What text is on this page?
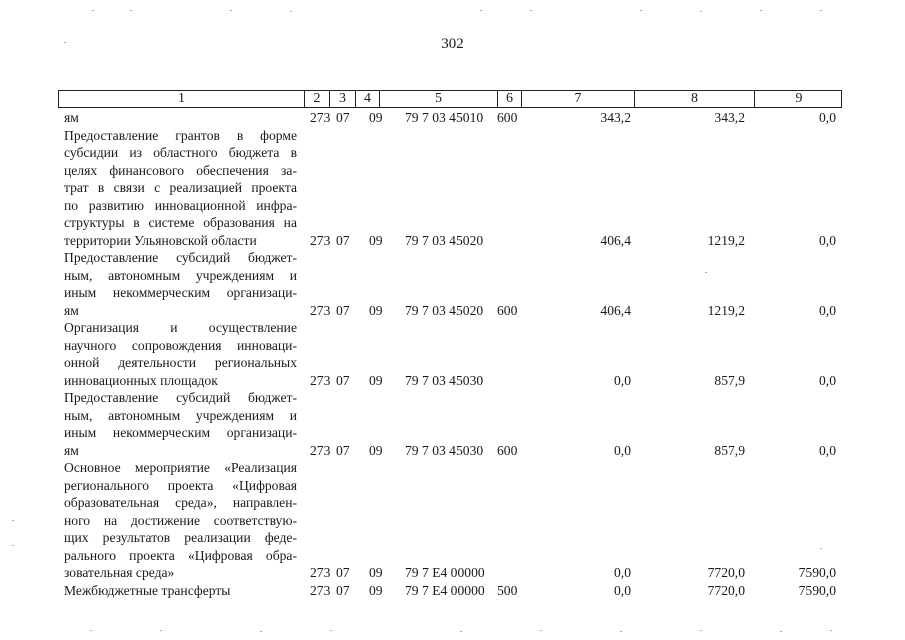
302
1	2	3	4	5	6	7	8	9
ям	273 07 09 79 7 03 45010 600	343,2	343,2	0,0
Предоставление грантов в форме
субсидии из областного бюджета в
целях финансового обеспечения за-
трат в связи с реализацией проекта
по развитию инновационной инфра-
структуры в системе образования на
территории Ульяновской области	273 07 09 79 7 03 45020	406,4	1219,2	0,0
Предоставление субсидий бюджет-
ным, автономным учреждениям и
иным некоммерческим организаци-
ям	273 07 09 79 7 03 45020 600	406,4	1219,2	0,0
Организация и осуществление
научного сопровождения инноваци-
онной деятельности региональных
инновационных площадок	273 07 09 79 7 03 45030	0,0	857,9	0,0
Предоставление субсидий бюджет-
ным, автономным учреждениям и
иным некоммерческим организаци-
ям	273 07 09 79 7 03 45030 600	0,0	857,9	0,0
Основное мероприятие «Реализация
регионального проекта «Цифровая
образовательная среда», направлен-
ного на достижение соответствую-
щих результатов реализации феде-
рального проекта «Цифровая обра-
зовательная среда»	273 07 09 79 7 E4 00000	0,0	7720,0	7590,0
Межбюджетные трансферты	273 07 09 79 7 E4 00000 500	0,0	7720,0	7590,0
